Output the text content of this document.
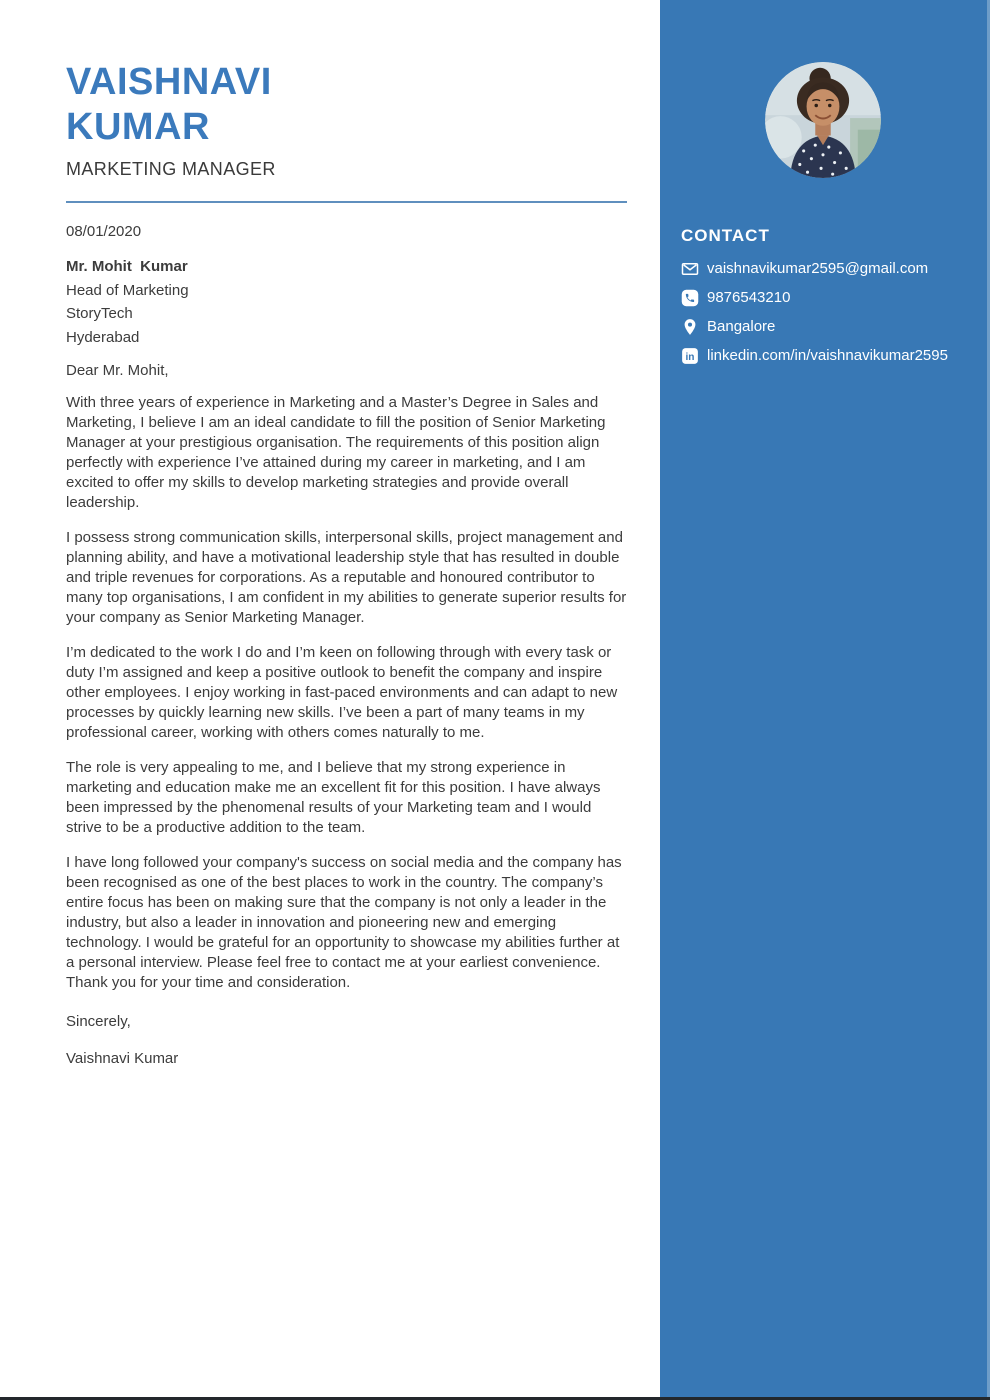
VAISHNAVI
KUMAR
MARKETING MANAGER
08/01/2020
Mr. Mohit  Kumar
Head of Marketing
StoryTech
Hyderabad
Dear Mr. Mohit,

With three years of experience in Marketing and a Master’s Degree in Sales and Marketing, I believe I am an ideal candidate to fill the position of Senior Marketing Manager at your prestigious organisation. The requirements of this position align perfectly with experience I’ve attained during my career in marketing, and I am excited to offer my skills to develop marketing strategies and provide overall leadership.

I possess strong communication skills, interpersonal skills, project management and planning ability, and have a motivational leadership style that has resulted in double and triple revenues for corporations. As a reputable and honoured contributor to many top organisations, I am confident in my abilities to generate superior results for your company as Senior Marketing Manager.

I’m dedicated to the work I do and I’m keen on following through with every task or duty I’m assigned and keep a positive outlook to benefit the company and inspire other employees. I enjoy working in fast-paced environments and can adapt to new processes by quickly learning new skills. I’ve been a part of many teams in my professional career, working with others comes naturally to me.

The role is very appealing to me, and I believe that my strong experience in marketing and education make me an excellent fit for this position. I have always been impressed by the phenomenal results of your Marketing team and I would strive to be a productive addition to the team.

I have long followed your company's success on social media and the company has been recognised as one of the best places to work in the country. The company’s entire focus has been on making sure that the company is not only a leader in the industry, but also a leader in innovation and pioneering new and emerging technology. I would be grateful for an opportunity to showcase my abilities further at a personal interview. Please feel free to contact me at your earliest convenience. Thank you for your time and consideration.

Sincerely,
Vaishnavi Kumar
CONTACT
vaishnavikumar2595@gmail.com
9876543210
Bangalore
in linkedin.com/in/vaishnavikumar2595
